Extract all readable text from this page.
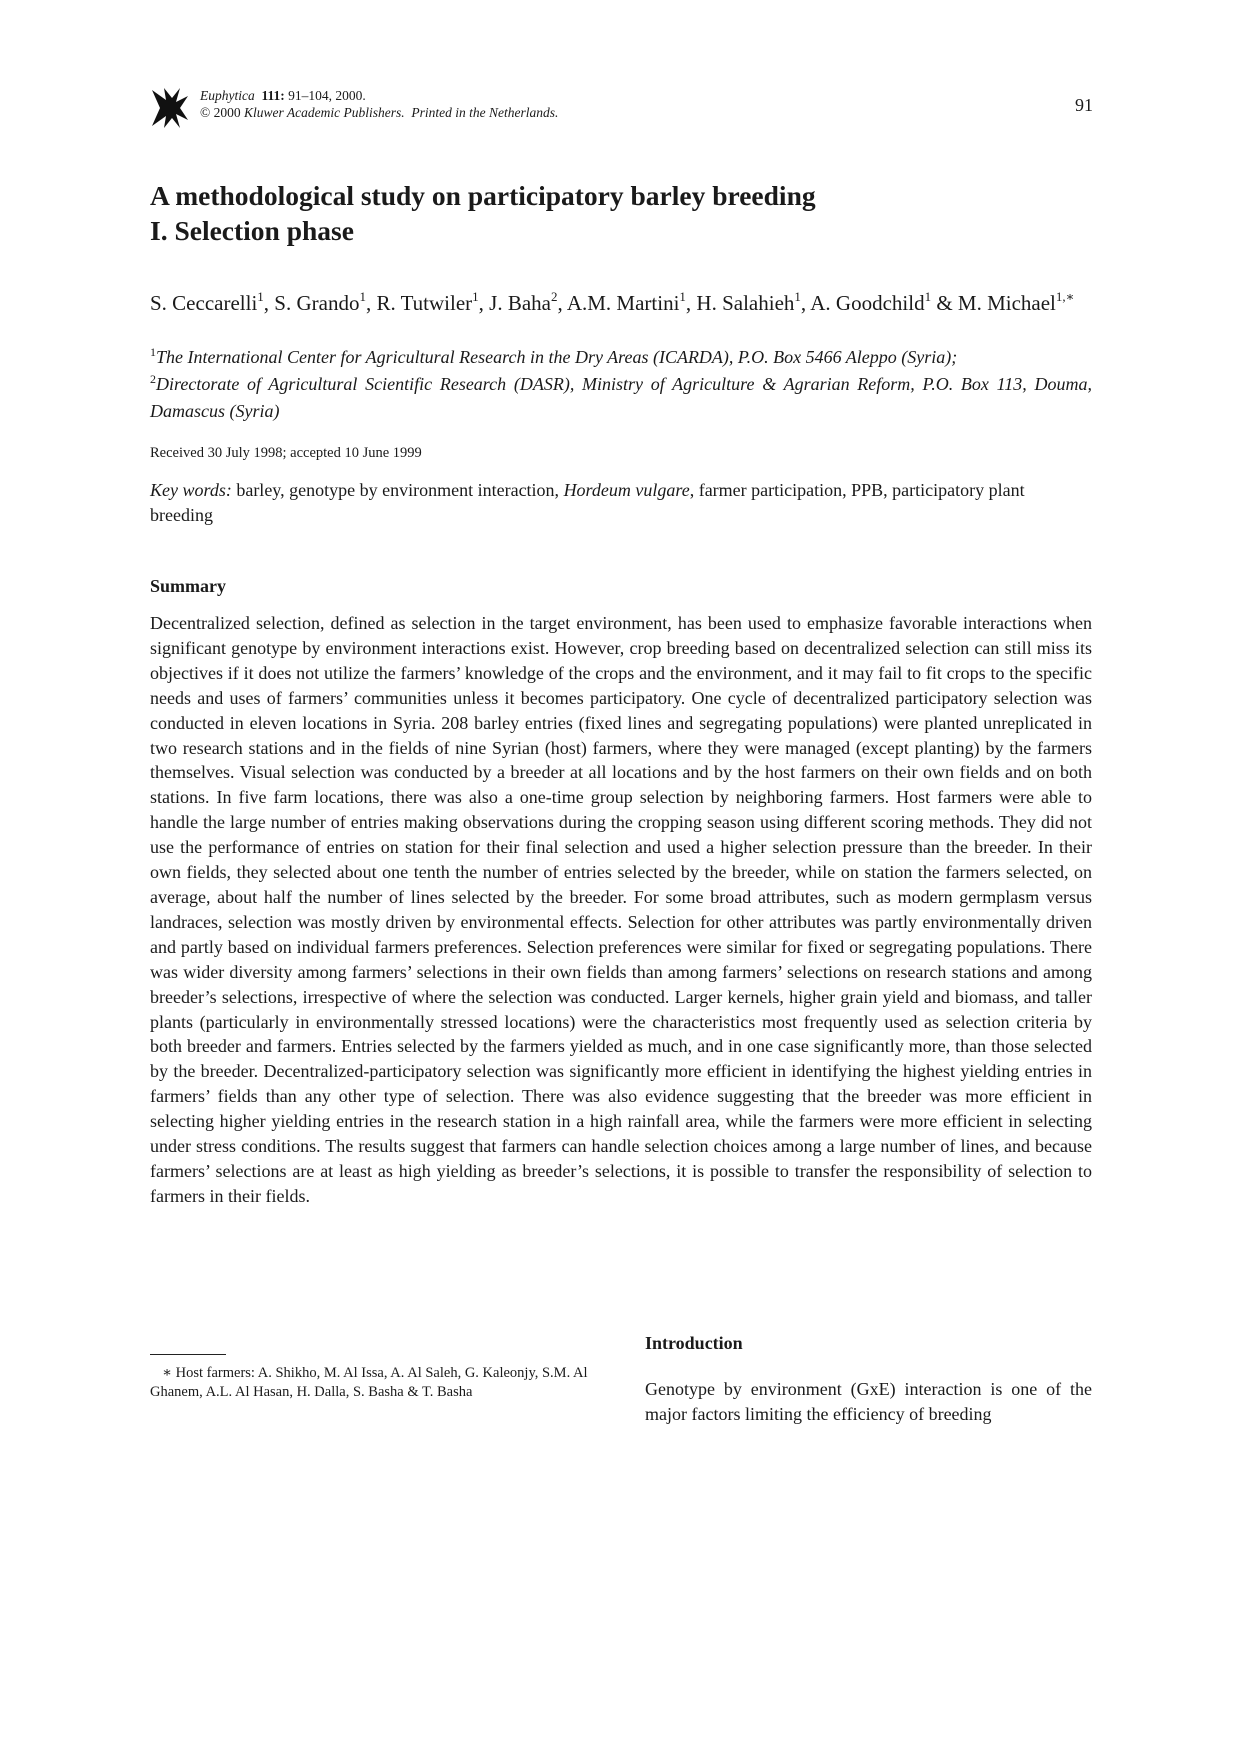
Euphytica 111: 91–104, 2000.
© 2000 Kluwer Academic Publishers. Printed in the Netherlands.	91
A methodological study on participatory barley breeding
I. Selection phase
S. Ceccarelli$^1$, S. Grando$^1$, R. Tutwiler$^1$, J. Baha$^2$, A.M. Martini$^1$, H. Salahieh$^1$, A. Goodchild$^1$ & M. Michael$^{1,∗}$
$^1$The International Center for Agricultural Research in the Dry Areas (ICARDA), P.O. Box 5466 Aleppo (Syria);
$^2$Directorate of Agricultural Scientific Research (DASR), Ministry of Agriculture & Agrarian Reform, P.O. Box 113, Douma, Damascus (Syria)
Received 30 July 1998; accepted 10 June 1999
Key words: barley, genotype by environment interaction, Hordeum vulgare, farmer participation, PPB, participatory plant breeding
Summary
Decentralized selection, defined as selection in the target environment, has been used to emphasize favorable interactions when significant genotype by environment interactions exist. However, crop breeding based on decentralized selection can still miss its objectives if it does not utilize the farmers’ knowledge of the crops and the environment, and it may fail to fit crops to the specific needs and uses of farmers’ communities unless it becomes participatory. One cycle of decentralized participatory selection was conducted in eleven locations in Syria. 208 barley entries (fixed lines and segregating populations) were planted unreplicated in two research stations and in the fields of nine Syrian (host) farmers, where they were managed (except planting) by the farmers themselves. Visual selection was conducted by a breeder at all locations and by the host farmers on their own fields and on both stations. In five farm locations, there was also a one-time group selection by neighboring farmers. Host farmers were able to handle the large number of entries making observations during the cropping season using different scoring methods. They did not use the performance of entries on station for their final selection and used a higher selection pressure than the breeder. In their own fields, they selected about one tenth the number of entries selected by the breeder, while on station the farmers selected, on average, about half the number of lines selected by the breeder. For some broad attributes, such as modern germplasm versus landraces, selection was mostly driven by environmental effects. Selection for other attributes was partly environmentally driven and partly based on individual farmers preferences. Selection preferences were similar for fixed or segregating populations. There was wider diversity among farmers’ selections in their own fields than among farmers’ selections on research stations and among breeder’s selections, irrespective of where the selection was conducted. Larger kernels, higher grain yield and biomass, and taller plants (particularly in environmentally stressed locations) were the characteristics most frequently used as selection criteria by both breeder and farmers. Entries selected by the farmers yielded as much, and in one case significantly more, than those selected by the breeder. Decentralized-participatory selection was significantly more efficient in identifying the highest yielding entries in farmers’ fields than any other type of selection. There was also evidence suggesting that the breeder was more efficient in selecting higher yielding entries in the research station in a high rainfall area, while the farmers were more efficient in selecting under stress conditions. The results suggest that farmers can handle selection choices among a large number of lines, and because farmers’ selections are at least as high yielding as breeder’s selections, it is possible to transfer the responsibility of selection to farmers in their fields.
∗ Host farmers: A. Shikho, M. Al Issa, A. Al Saleh, G. Kaleonjy, S.M. Al Ghanem, A.L. Al Hasan, H. Dalla, S. Basha & T. Basha
Introduction
Genotype by environment (GxE) interaction is one of the major factors limiting the efficiency of breeding
